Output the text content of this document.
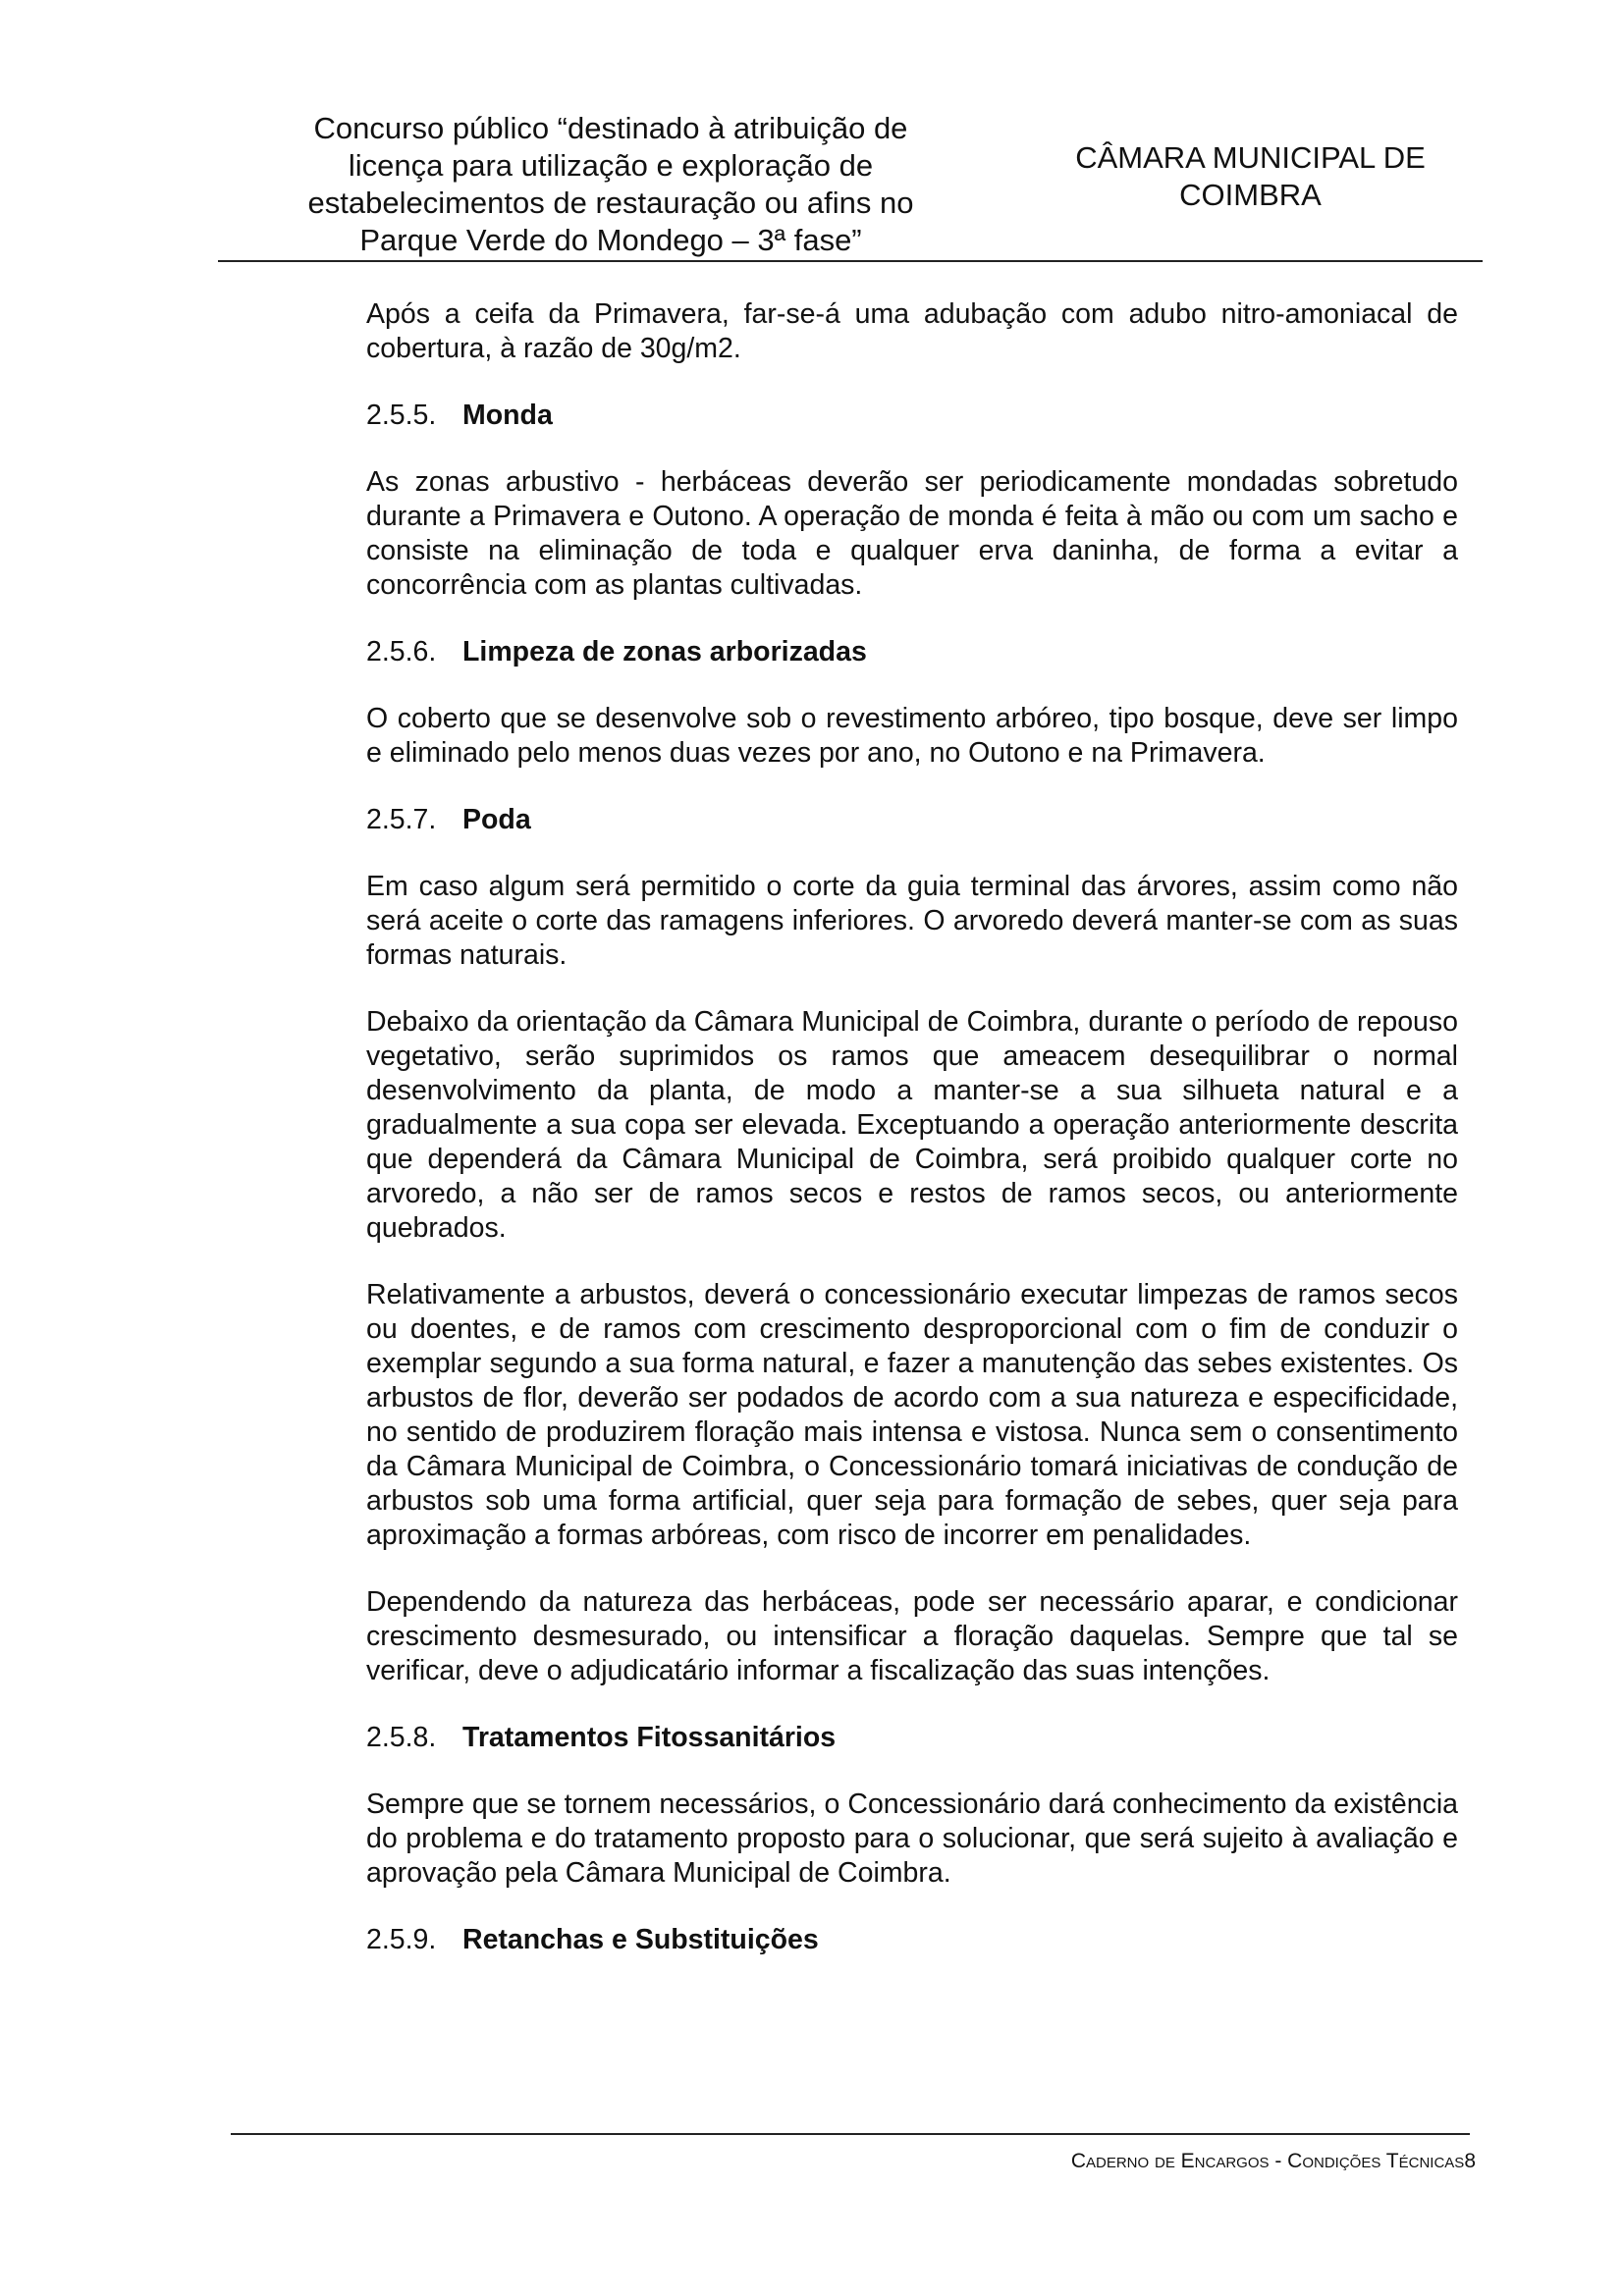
Concurso público “destinado à atribuição de
licença para utilização e exploração de
estabelecimentos de restauração ou afins no
Parque Verde do Mondego – 3ª fase”
CÂMARA MUNICIPAL DE
COIMBRA

Após a ceifa da Primavera, far-se-á uma adubação com adubo nitro-amoniacal de cobertura, à razão de 30g/m2.

2.5.5. Monda

As zonas arbustivo - herbáceas deverão ser periodicamente mondadas sobretudo durante a Primavera e Outono. A operação de monda é feita à mão ou com um sacho e consiste na eliminação de toda e qualquer erva daninha, de forma a evitar a concorrência com as plantas cultivadas.

2.5.6. Limpeza de zonas arborizadas

O coberto que se desenvolve sob o revestimento arbóreo, tipo bosque, deve ser limpo e eliminado pelo menos duas vezes por ano, no Outono e na Primavera.

2.5.7. Poda

Em caso algum será permitido o corte da guia terminal das árvores, assim como não será aceite o corte das ramagens inferiores. O arvoredo deverá manter-se com as suas formas naturais.

Debaixo da orientação da Câmara Municipal de Coimbra, durante o período de repouso vegetativo, serão suprimidos os ramos que ameacem desequilibrar o normal desenvolvimento da planta, de modo a manter-se a sua silhueta natural e a gradualmente a sua copa ser elevada. Exceptuando a operação anteriormente descrita que dependerá da Câmara Municipal de Coimbra, será proibido qualquer corte no arvoredo, a não ser de ramos secos e restos de ramos secos, ou anteriormente quebrados.

Relativamente a arbustos, deverá o concessionário executar limpezas de ramos secos ou doentes, e de ramos com crescimento desproporcional com o fim de conduzir o exemplar segundo a sua forma natural, e fazer a manutenção das sebes existentes. Os arbustos de flor, deverão ser podados de acordo com a sua natureza e especificidade, no sentido de produzirem floração mais intensa e vistosa. Nunca sem o consentimento da Câmara Municipal de Coimbra, o Concessionário tomará iniciativas de condução de arbustos sob uma forma artificial, quer seja para formação de sebes, quer seja para aproximação a formas arbóreas, com risco de incorrer em penalidades.

Dependendo da natureza das herbáceas, pode ser necessário aparar, e condicionar crescimento desmesurado, ou intensificar a floração daquelas. Sempre que tal se verificar, deve o adjudicatário informar a fiscalização das suas intenções.

2.5.8. Tratamentos Fitossanitários

Sempre que se tornem necessários, o Concessionário dará conhecimento da existência do problema e do tratamento proposto para o solucionar, que será sujeito à avaliação e aprovação pela Câmara Municipal de Coimbra.

2.5.9. Retanchas e Substituições
Caderno de Encargos - Condições Técnicas8
